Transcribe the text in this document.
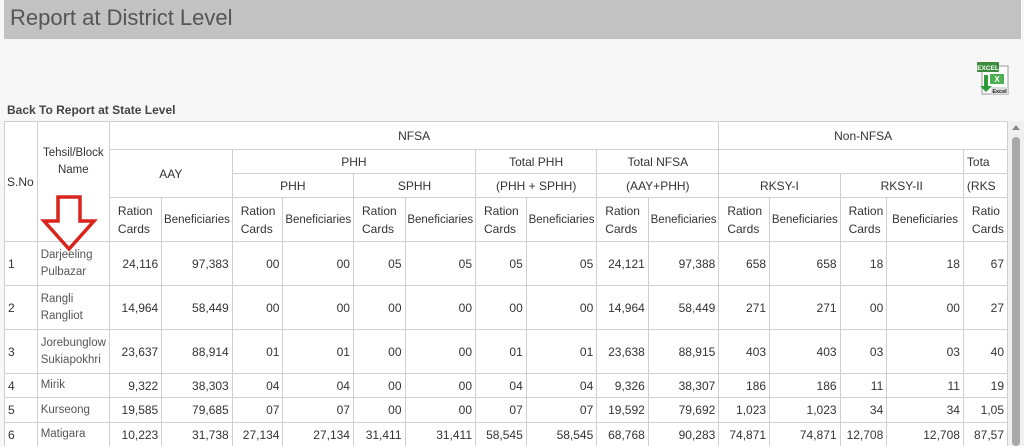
Report at District Level
EXCEL
X
Excel
Back To Report at State Level
S.No	Tehsil/Block Name	NFSA										Non-NFSA				
		AAY		PHH				Total PHH		Total NFSA						Tota
				PHH		SPHH		(PHH + SPHH)		(AAY+PHH)		RKSY-I		RKSY-II		(RKS
		Ration Cards	Beneficiaries	Ration Cards	Beneficiaries	Ration Cards	Beneficiaries	Ration Cards	Beneficiaries	Ration Cards	Beneficiaries	Ration Cards	Beneficiaries	Ration Cards	Beneficiaries	Ratio Cards
1	Darjeeling Pulbazar	24,116	97,383	00	00	05	05	05	05	24,121	97,388	658	658	18	18	67
2	Rangli Rangliot	14,964	58,449	00	00	00	00	00	00	14,964	58,449	271	271	00	00	27
3	Jorebunglow Sukiapokhri	23,637	88,914	01	01	00	00	01	01	23,638	88,915	403	403	03	03	40
4	Mirik	9,322	38,303	04	04	00	00	04	04	9,326	38,307	186	186	11	11	19
5	Kurseong	19,585	79,685	07	07	00	00	07	07	19,592	79,692	1,023	1,023	34	34	1,05
6	Matigara	10,223	31,738	27,134	27,134	31,411	31,411	58,545	58,545	68,768	90,283	74,871	74,871	12,708	12,708	87,57
